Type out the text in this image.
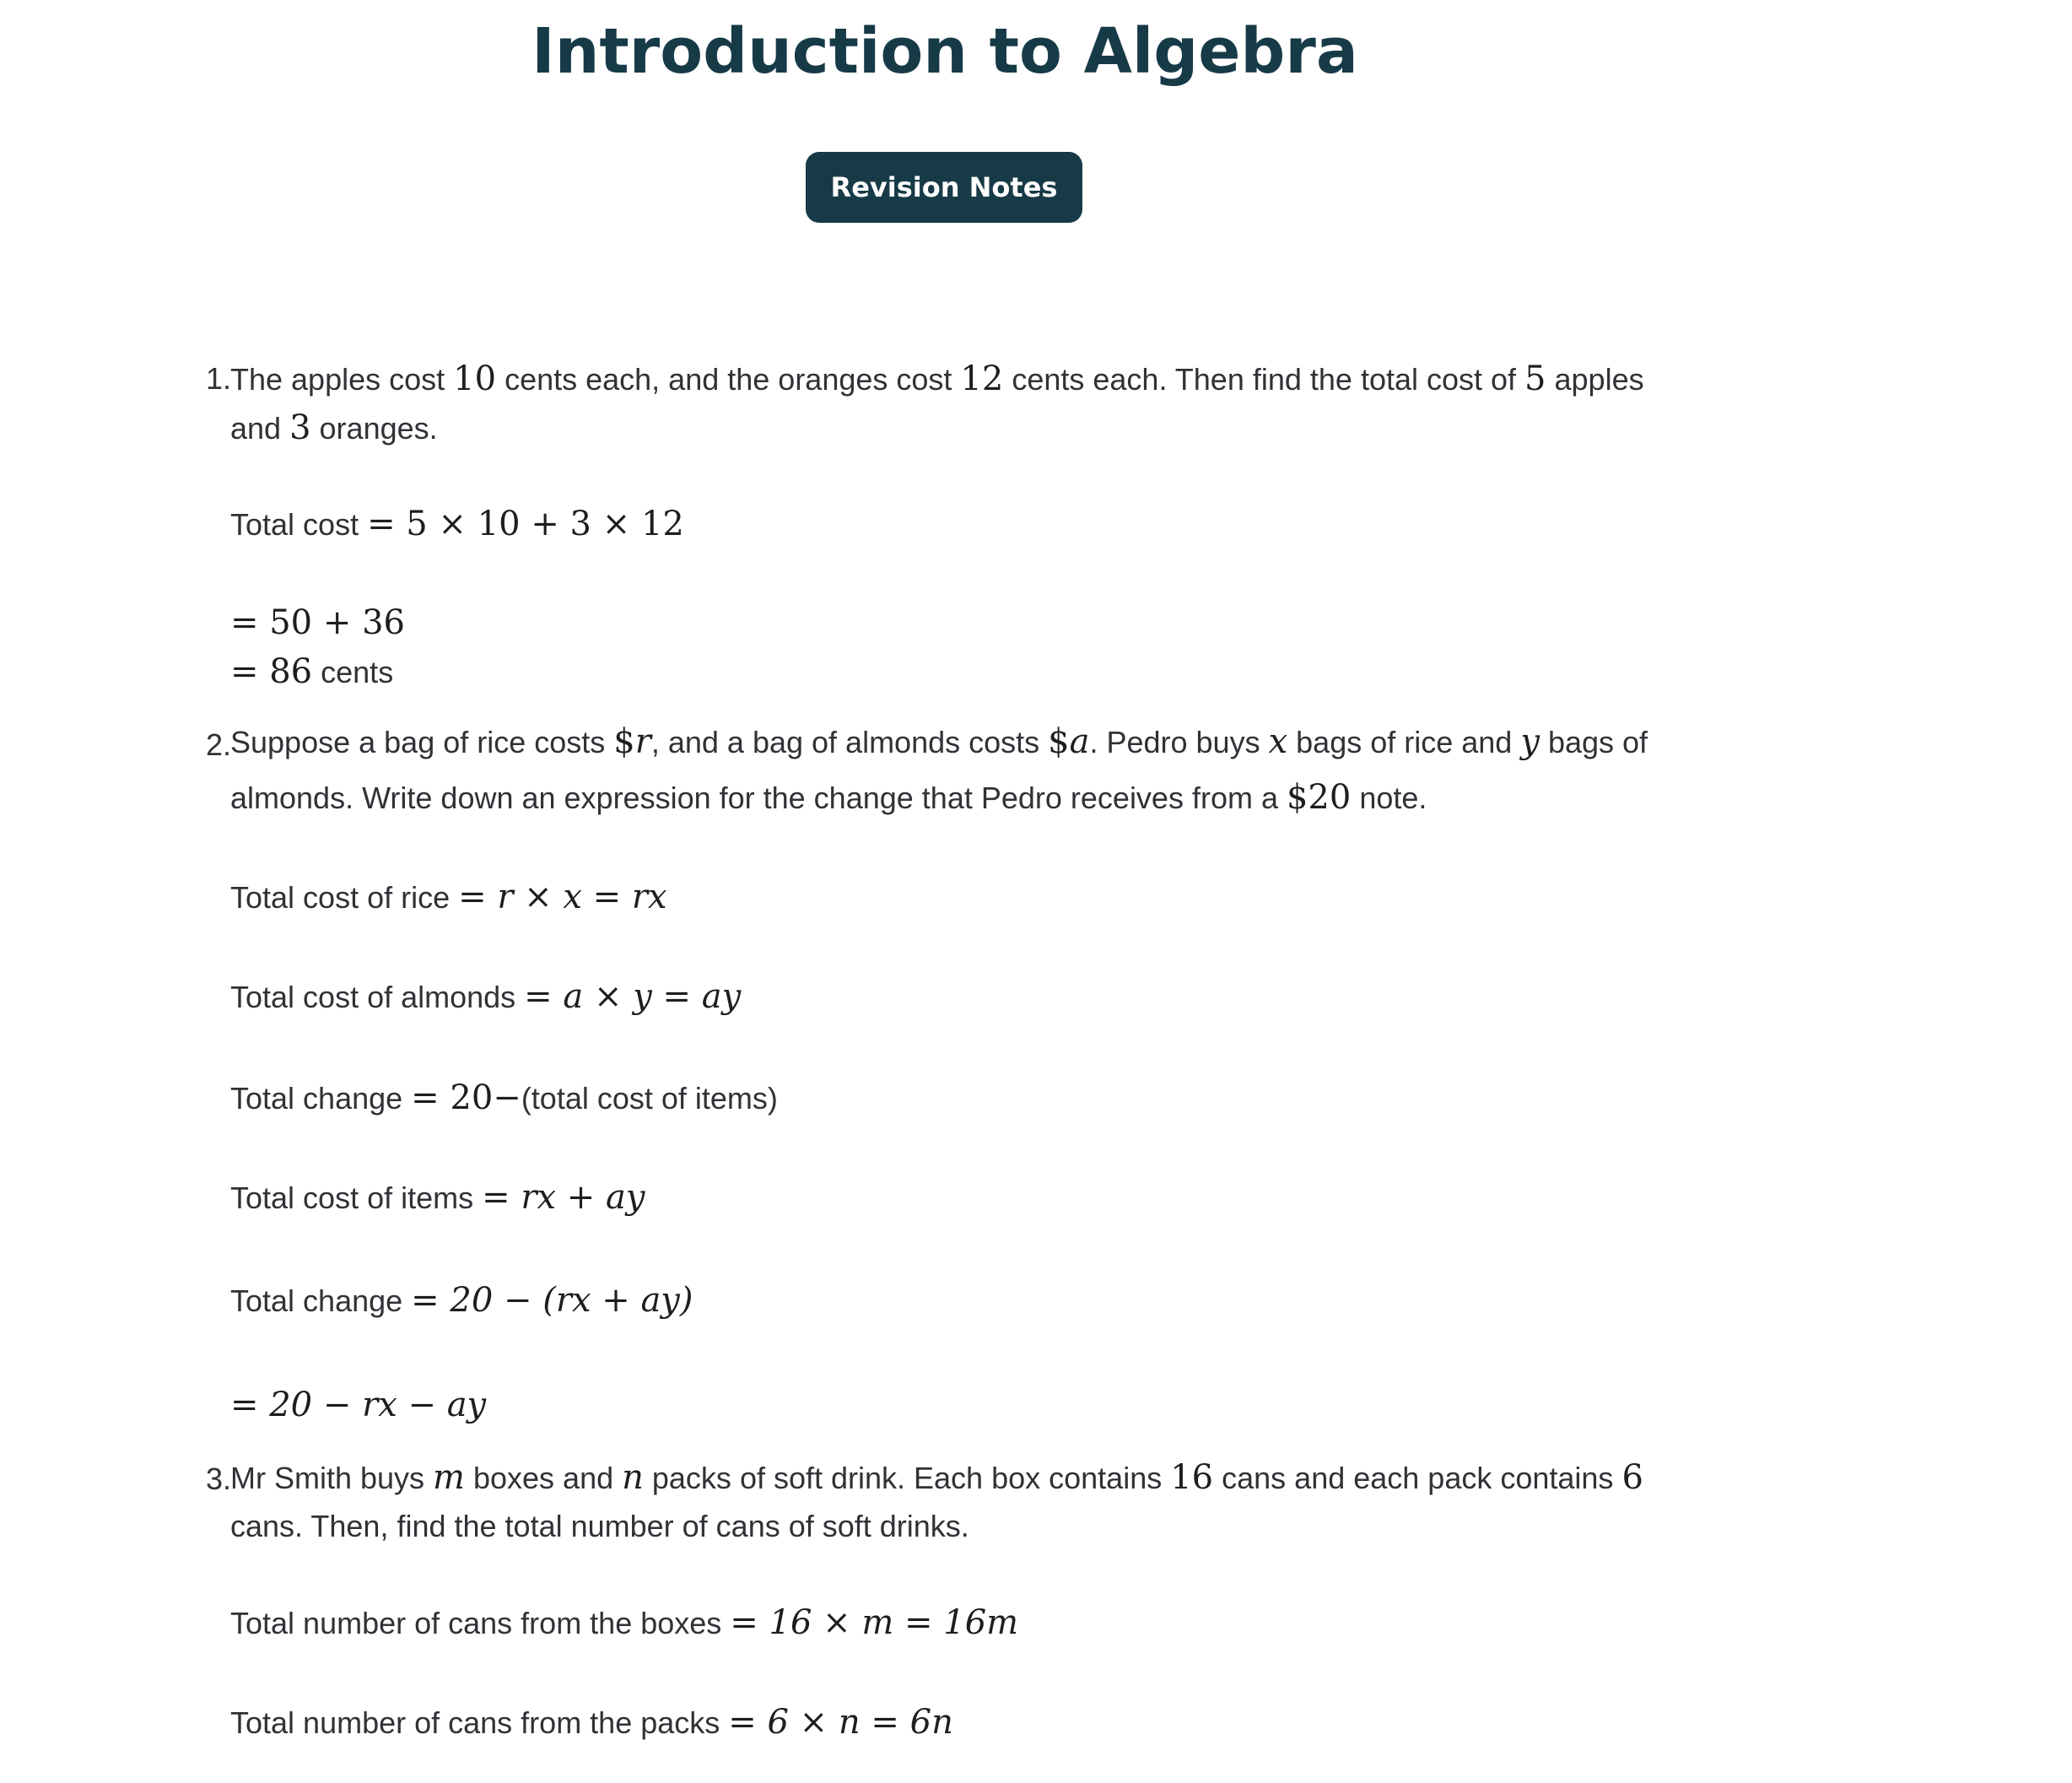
Introduction to Algebra
Revision Notes
1. The apples cost 10 cents each, and the oranges cost 12 cents each. Then find the total cost of 5 apples
and 3 oranges.
Total cost = 5 × 10 + 3 × 12
= 50 + 36
= 86 cents
2. Suppose a bag of rice costs $r, and a bag of almonds costs $a. Pedro buys x bags of rice and y bags of
almonds. Write down an expression for the change that Pedro receives from a $20 note.
Total cost of rice = r × x = rx
Total cost of almonds = a × y = ay
Total change = 20−(total cost of items)
Total cost of items = rx + ay
Total change = 20 − (rx + ay)
= 20 − rx − ay
3. Mr Smith buys m boxes and n packs of soft drink. Each box contains 16 cans and each pack contains 6
cans. Then, find the total number of cans of soft drinks.
Total number of cans from the boxes = 16 × m = 16m
Total number of cans from the packs = 6 × n = 6n
